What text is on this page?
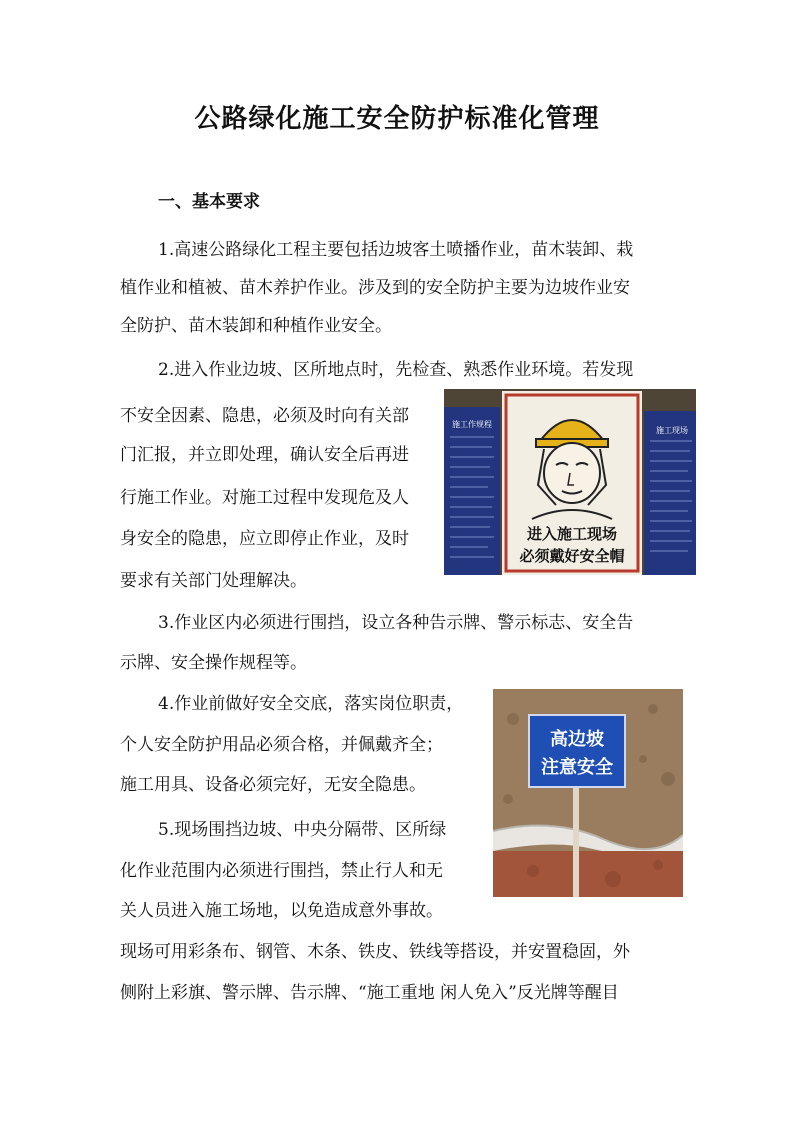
公路绿化施工安全防护标准化管理
一、基本要求
1.高速公路绿化工程主要包括边坡客土喷播作业，苗木装卸、栽
植作业和植被、苗木养护作业。涉及到的安全防护主要为边坡作业安
全防护、苗木装卸和种植作业安全。
2.进入作业边坡、区所地点时，先检查、熟悉作业环境。若发现
不安全因素、隐患，必须及时向有关部
门汇报，并立即处理，确认安全后再进
行施工作业。对施工过程中发现危及人
身安全的隐患，应立即停止作业，及时
要求有关部门处理解决。
3.作业区内必须进行围挡，设立各种告示牌、警示标志、安全告
示牌、安全操作规程等。
4.作业前做好安全交底，落实岗位职责，
个人安全防护用品必须合格，并佩戴齐全；
施工用具、设备必须完好，无安全隐患。
5.现场围挡边坡、中央分隔带、区所绿
化作业范围内必须进行围挡，禁止行人和无
关人员进入施工场地，以免造成意外事故。
现场可用彩条布、钢管、木条、铁皮、铁线等搭设，并安置稳固，外
侧附上彩旗、警示牌、告示牌、“施工重地 闲人免入”反光牌等醒目
施工作规程
施工现场
进入施工现场
必须戴好安全帽
高边坡
注意安全
